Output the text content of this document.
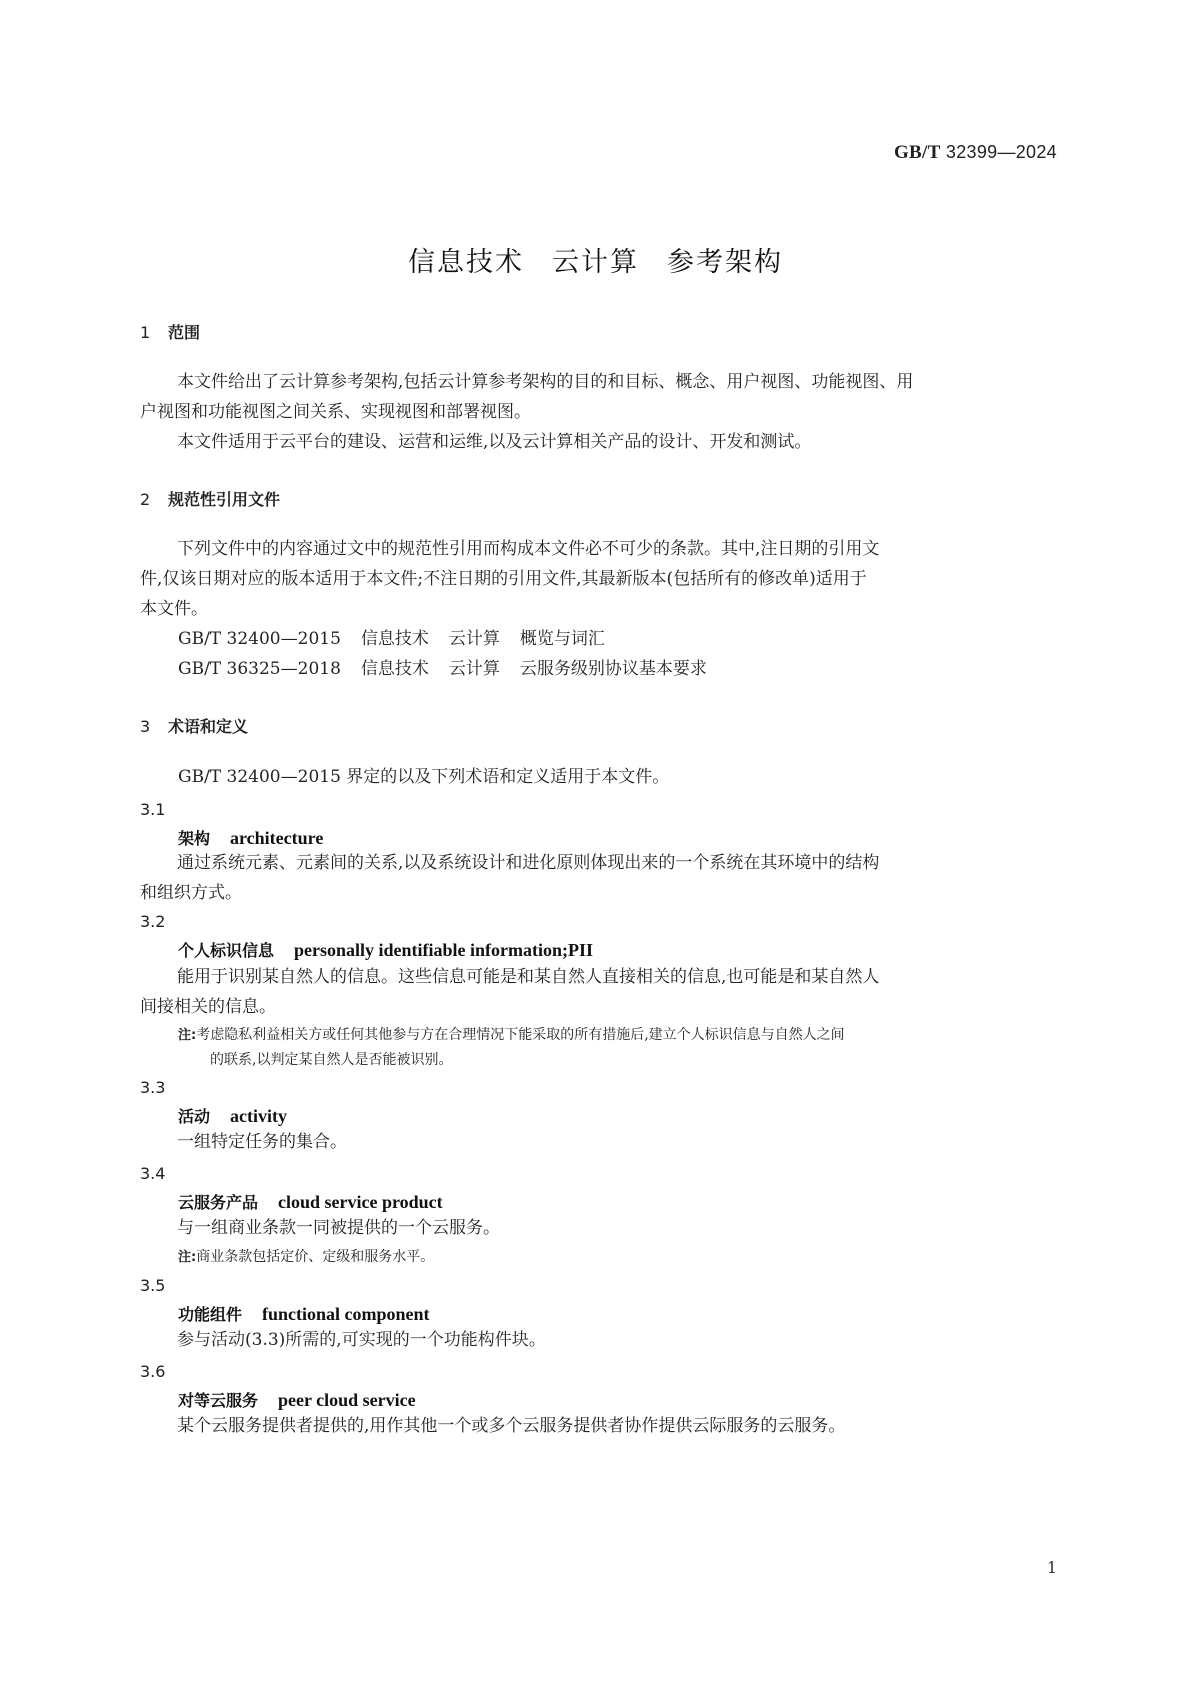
GB/T 32399—2024
信息技术 云计算 参考架构
1 范围
本文件给出了云计算参考架构,包括云计算参考架构的目的和目标、概念、用户视图、功能视图、用
户视图和功能视图之间关系、实现视图和部署视图。
本文件适用于云平台的建设、运营和运维,以及云计算相关产品的设计、开发和测试。
2 规范性引用文件
下列文件中的内容通过文中的规范性引用而构成本文件必不可少的条款。其中,注日期的引用文
件,仅该日期对应的版本适用于本文件;不注日期的引用文件,其最新版本(包括所有的修改单)适用于
本文件。
GB/T 32400—2015 信息技术 云计算 概览与词汇
GB/T 36325—2018 信息技术 云计算 云服务级别协议基本要求
3 术语和定义
GB/T 32400—2015 界定的以及下列术语和定义适用于本文件。
3.1
架构 architecture
通过系统元素、元素间的关系,以及系统设计和进化原则体现出来的一个系统在其环境中的结构
和组织方式。
3.2
个人标识信息 personally identifiable information;PII
能用于识别某自然人的信息。这些信息可能是和某自然人直接相关的信息,也可能是和某自然人
间接相关的信息。
注:考虑隐私利益相关方或任何其他参与方在合理情况下能采取的所有措施后,建立个人标识信息与自然人之间
的联系,以判定某自然人是否能被识别。
3.3
活动 activity
一组特定任务的集合。
3.4
云服务产品 cloud service product
与一组商业条款一同被提供的一个云服务。
注:商业条款包括定价、定级和服务水平。
3.5
功能组件 functional component
参与活动(3.3)所需的,可实现的一个功能构件块。
3.6
对等云服务 peer cloud service
某个云服务提供者提供的,用作其他一个或多个云服务提供者协作提供云际服务的云服务。
1
